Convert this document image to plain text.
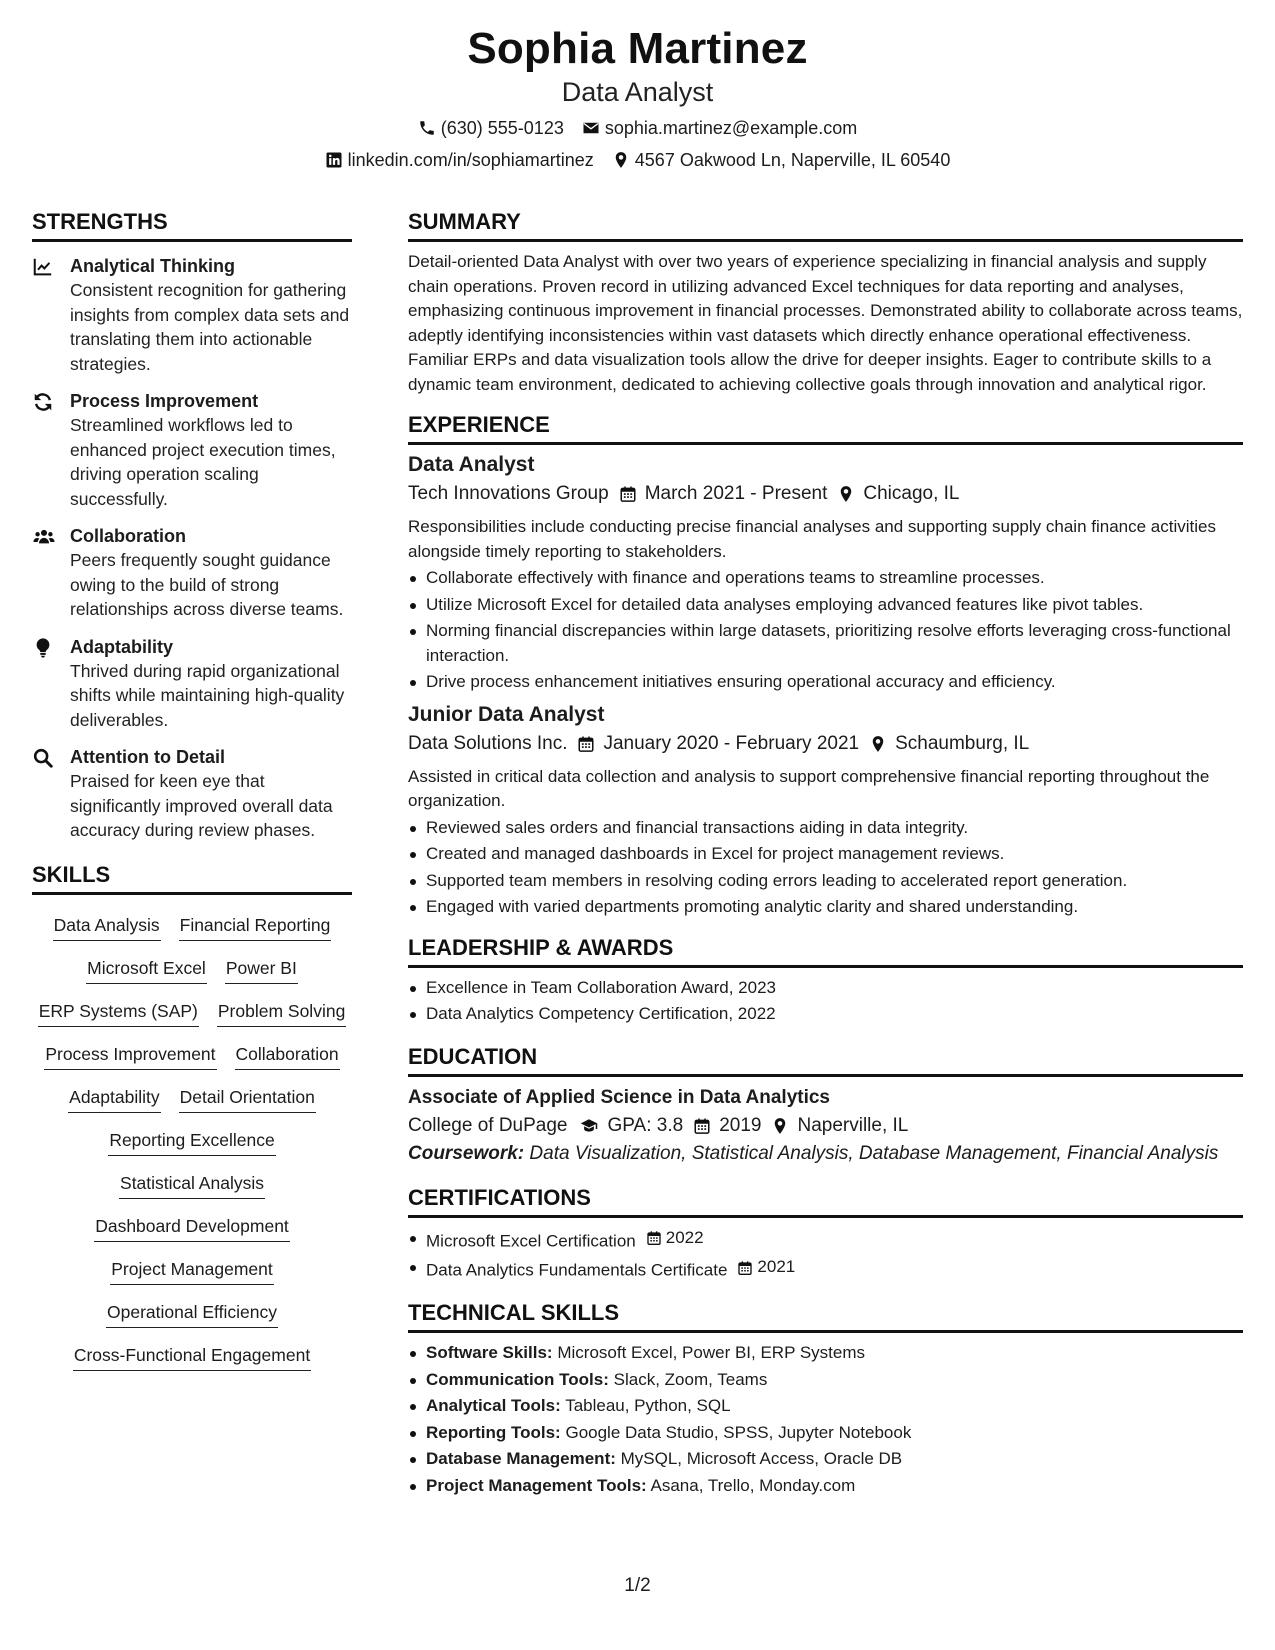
Sophia Martinez
Data Analyst
(630) 555-0123 sophia.martinez@example.com
linkedin.com/in/sophiamartinez 4567 Oakwood Ln, Naperville, IL 60540
STRENGTHS
Analytical Thinking
Consistent recognition for gathering insights from complex data sets and translating them into actionable strategies.
Process Improvement
Streamlined workflows led to enhanced project execution times, driving operation scaling successfully.
Collaboration
Peers frequently sought guidance owing to the build of strong relationships across diverse teams.
Adaptability
Thrived during rapid organizational shifts while maintaining high-quality deliverables.
Attention to Detail
Praised for keen eye that significantly improved overall data accuracy during review phases.
SKILLS
Data Analysis Financial Reporting
Microsoft Excel Power BI
ERP Systems (SAP) Problem Solving
Process Improvement Collaboration
Adaptability Detail Orientation
Reporting Excellence
Statistical Analysis
Dashboard Development
Project Management
Operational Efficiency
Cross-Functional Engagement
SUMMARY
Detail-oriented Data Analyst with over two years of experience specializing in financial analysis and supply chain operations. Proven record in utilizing advanced Excel techniques for data reporting and analyses, emphasizing continuous improvement in financial processes. Demonstrated ability to collaborate across teams, adeptly identifying inconsistencies within vast datasets which directly enhance operational effectiveness. Familiar ERPs and data visualization tools allow the drive for deeper insights. Eager to contribute skills to a dynamic team environment, dedicated to achieving collective goals through innovation and analytical rigor.
EXPERIENCE
Data Analyst
Tech Innovations Group March 2021 - Present Chicago, IL
Responsibilities include conducting precise financial analyses and supporting supply chain finance activities alongside timely reporting to stakeholders.
Collaborate effectively with finance and operations teams to streamline processes.
Utilize Microsoft Excel for detailed data analyses employing advanced features like pivot tables.
Norming financial discrepancies within large datasets, prioritizing resolve efforts leveraging cross-functional interaction.
Drive process enhancement initiatives ensuring operational accuracy and efficiency.
Junior Data Analyst
Data Solutions Inc. January 2020 - February 2021 Schaumburg, IL
Assisted in critical data collection and analysis to support comprehensive financial reporting throughout the organization.
Reviewed sales orders and financial transactions aiding in data integrity.
Created and managed dashboards in Excel for project management reviews.
Supported team members in resolving coding errors leading to accelerated report generation.
Engaged with varied departments promoting analytic clarity and shared understanding.
LEADERSHIP & AWARDS
Excellence in Team Collaboration Award, 2023
Data Analytics Competency Certification, 2022
EDUCATION
Associate of Applied Science in Data Analytics
College of DuPage GPA: 3.8 2019 Naperville, IL
Coursework: Data Visualization, Statistical Analysis, Database Management, Financial Analysis
CERTIFICATIONS
Microsoft Excel Certification 2022
Data Analytics Fundamentals Certificate 2021
TECHNICAL SKILLS
Software Skills: Microsoft Excel, Power BI, ERP Systems
Communication Tools: Slack, Zoom, Teams
Analytical Tools: Tableau, Python, SQL
Reporting Tools: Google Data Studio, SPSS, Jupyter Notebook
Database Management: MySQL, Microsoft Access, Oracle DB
Project Management Tools: Asana, Trello, Monday.com
1/2
